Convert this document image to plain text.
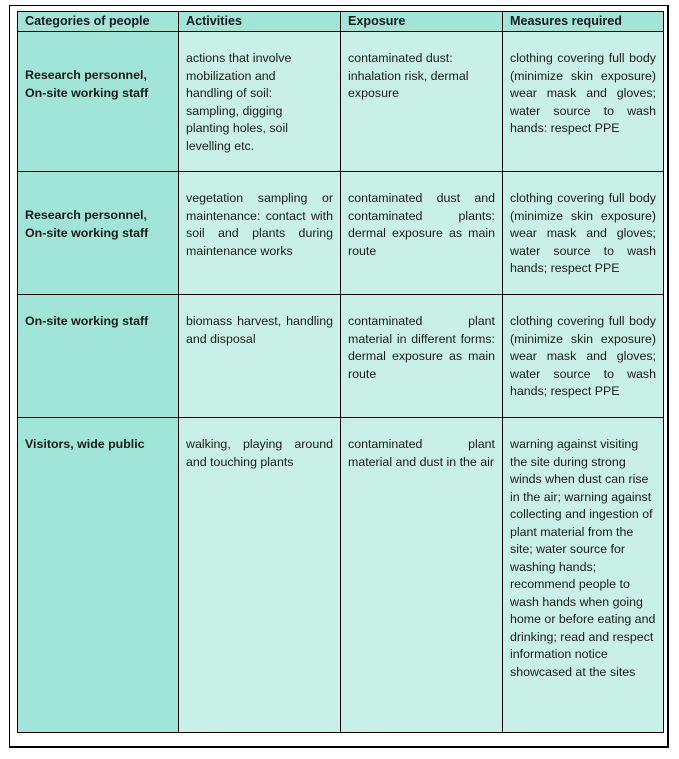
Categories of people	Activities	Exposure	Measures required

Research personnel, On-site working staff	actions that involve mobilization and handling of soil: sampling, digging planting holes, soil levelling etc.	contaminated dust: inhalation risk, dermal exposure	clothing covering full body (minimize skin exposure) wear mask and gloves; water source to wash hands: respect PPE

Research personnel, On-site working staff	vegetation sampling or maintenance: contact with soil and plants during maintenance works	contaminated dust and contaminated plants: dermal exposure as main route	clothing covering full body (minimize skin exposure) wear mask and gloves; water source to wash hands; respect PPE

On-site working staff	biomass harvest, handling and disposal	contaminated plant material in different forms: dermal exposure as main route	clothing covering full body (minimize skin exposure) wear mask and gloves; water source to wash hands; respect PPE

Visitors, wide public	walking, playing around and touching plants	contaminated plant material and dust in the air	warning against visiting the site during strong winds when dust can rise in the air; warning against collecting and ingestion of plant material from the site; water source for washing hands; recommend people to wash hands when going home or before eating and drinking; read and respect information notice showcased at the sites
